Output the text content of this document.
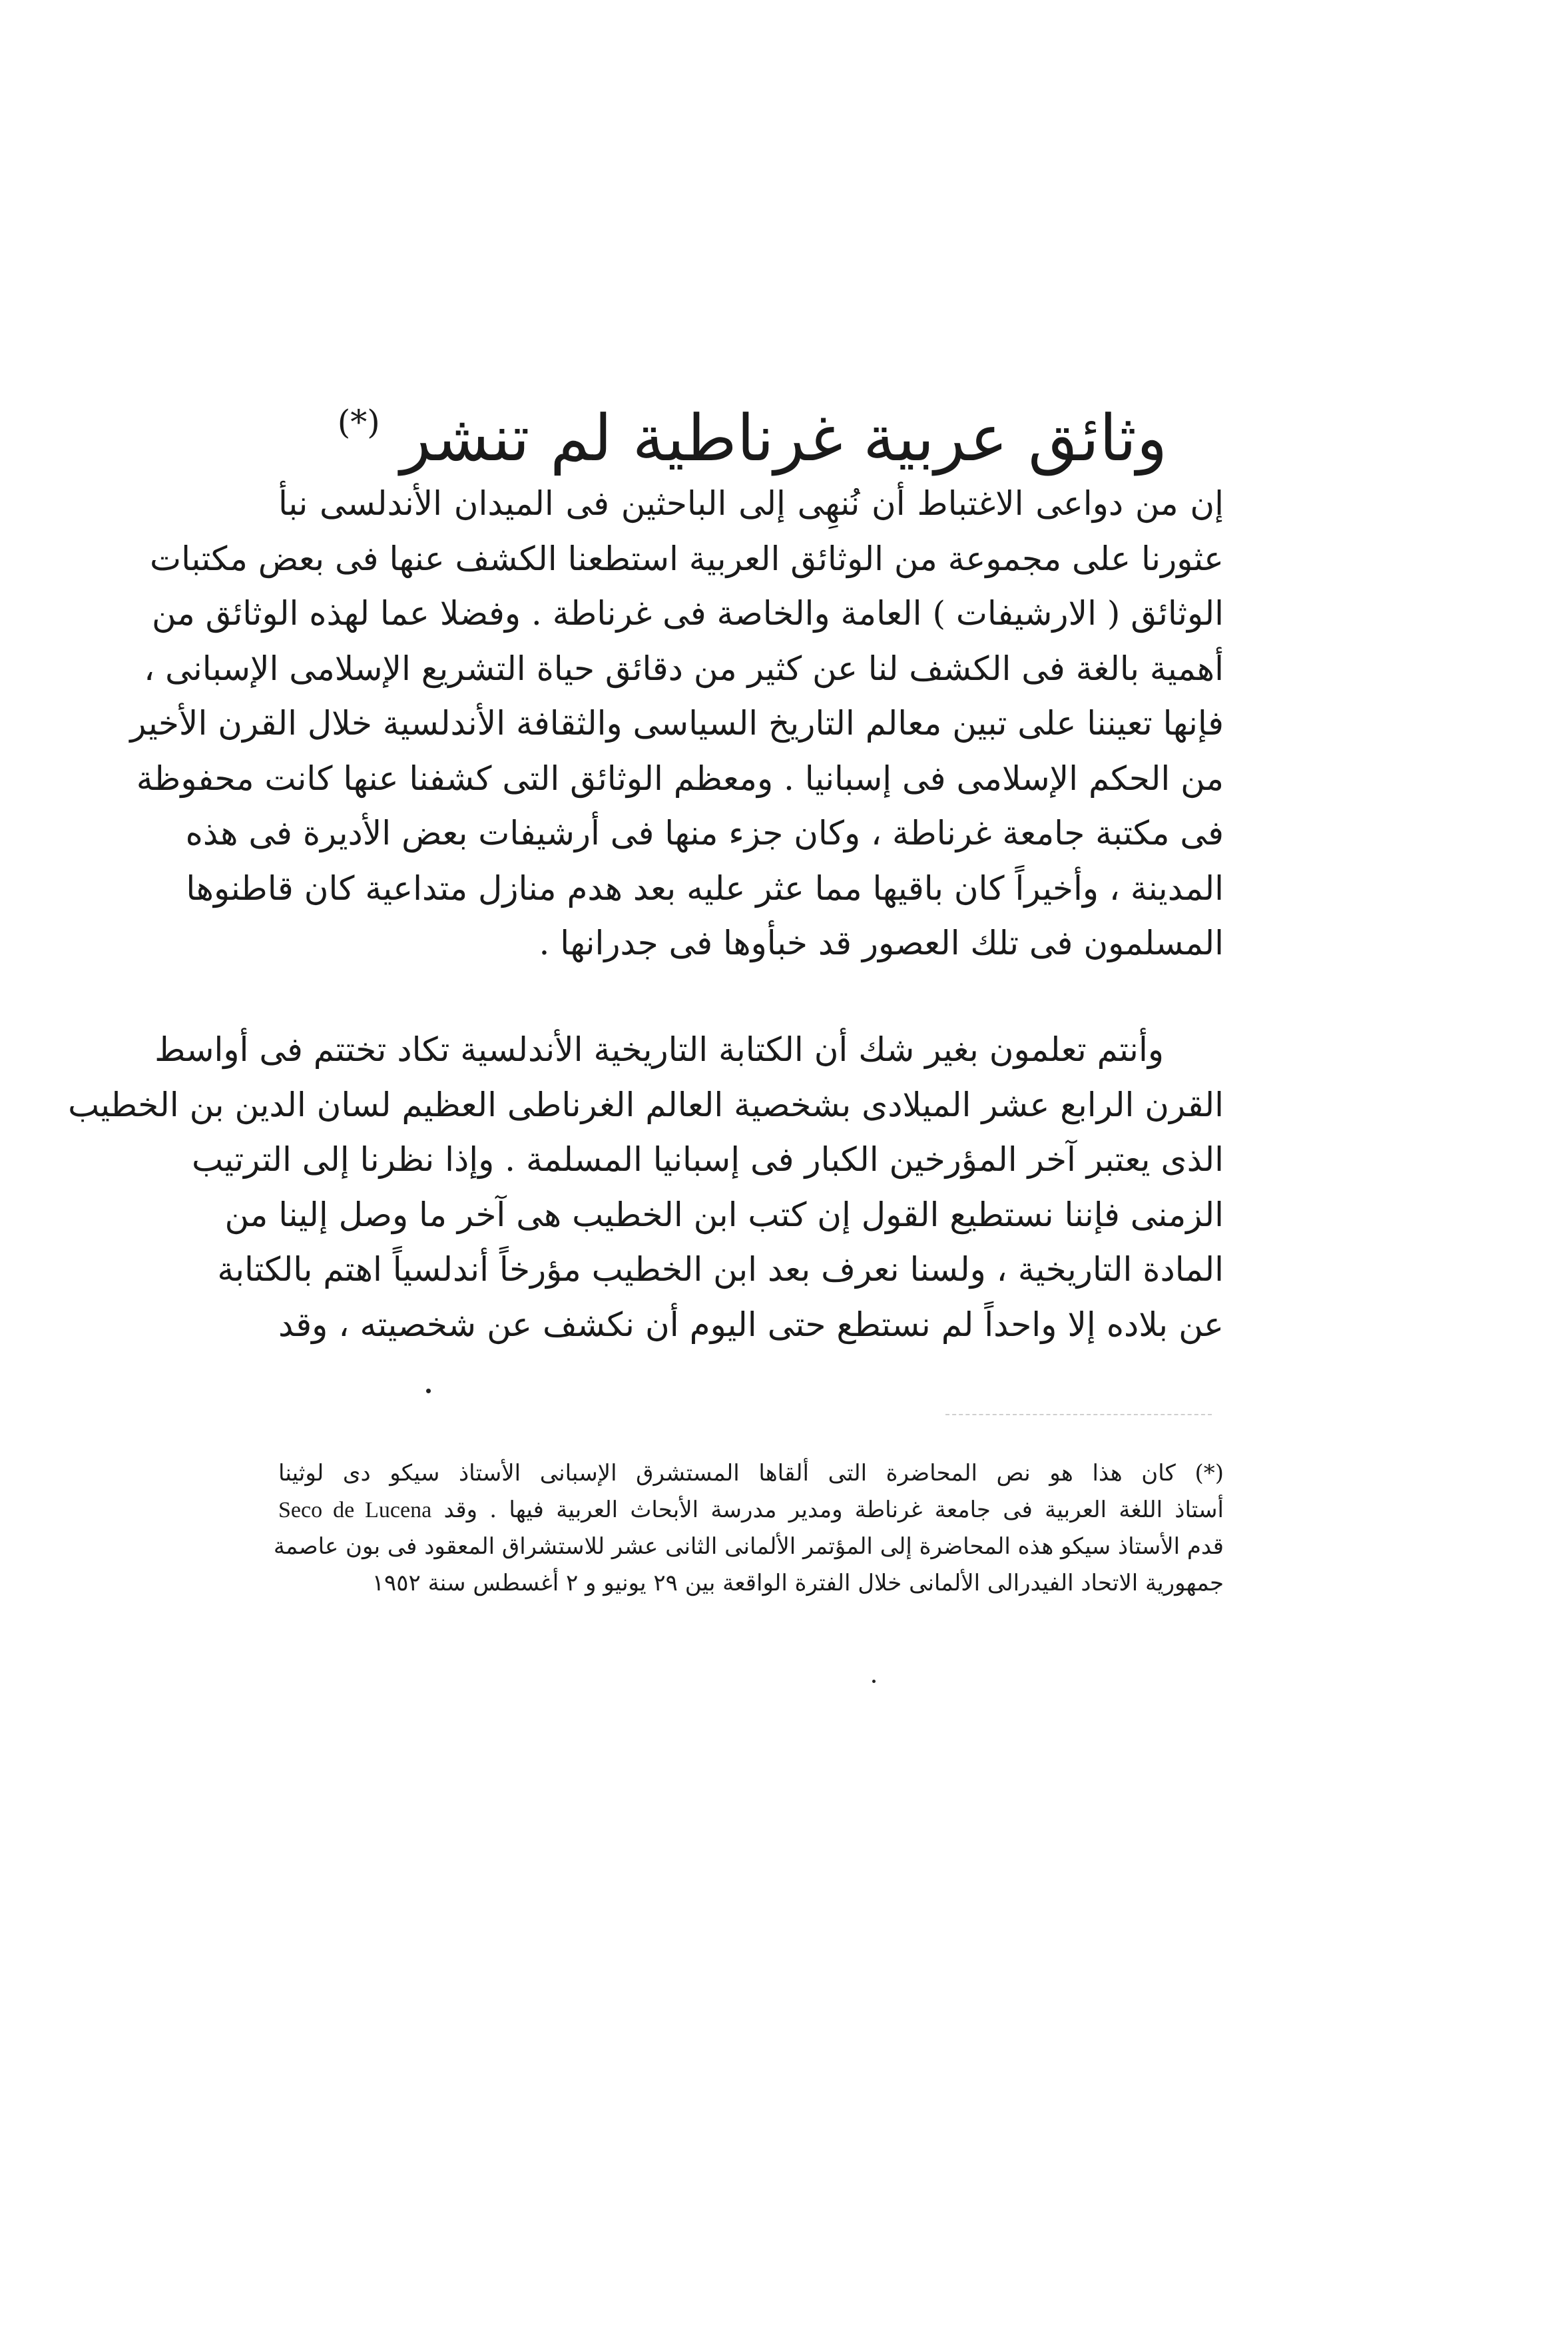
وثائق عربية غرناطية لم تنشر (*)
إن من دواعى الاغتباط أن نُنهِى إلى الباحثين فى الميدان الأندلسى نبأ
عثورنا على مجموعة من الوثائق العربية استطعنا الكشف عنها فى بعض مكتبات
الوثائق ( الارشيفات ) العامة والخاصة فى غرناطة . وفضلا عما لهذه الوثائق من
أهمية بالغة فى الكشف لنا عن كثير من دقائق حياة التشريع الإسلامى الإسبانى ،
فإنها تعيننا على تبين معالم التاريخ السياسى والثقافة الأندلسية خلال القرن الأخير
من الحكم الإسلامى فى إسبانيا . ومعظم الوثائق التى كشفنا عنها كانت محفوظة
فى مكتبة جامعة غرناطة ، وكان جزء منها فى أرشيفات بعض الأديرة فى هذه
المدينة ، وأخيراً كان باقيها مما عثر عليه بعد هدم منازل متداعية كان قاطنوها
المسلمون فى تلك العصور قد خبأوها فى جدرانها .
وأنتم تعلمون بغير شك أن الكتابة التاريخية الأندلسية تكاد تختتم فى أواسط
القرن الرابع عشر الميلادى بشخصية العالم الغرناطى العظيم لسان الدين بن الخطيب
الذى يعتبر آخر المؤرخين الكبار فى إسبانيا المسلمة . وإذا نظرنا إلى الترتيب
الزمنى فإننا نستطيع القول إن كتب ابن الخطيب هى آخر ما وصل إلينا من
المادة التاريخية ، ولسنا نعرف بعد ابن الخطيب مؤرخاً أندلسياً اهتم بالكتابة
عن بلاده إلا واحداً لم نستطع حتى اليوم أن نكشف عن شخصيته ، وقد
(*) كان هذا هو نص المحاضرة التى ألقاها المستشرق الإسبانى الأستاذ سيكو دى لوثينا
أستاذ اللغة العربية فى جامعة غرناطة ومدير مدرسة الأبحاث العربية فيها . وقد Seco de Lucena
قدم الأستاذ سيكو هذه المحاضرة إلى المؤتمر الألمانى الثانى عشر للاستشراق المعقود فى بون عاصمة
جمهورية الاتحاد الفيدرالى الألمانى خلال الفترة الواقعة بين ٢٩ يونيو و ٢ أغسطس سنة ١٩٥٢
